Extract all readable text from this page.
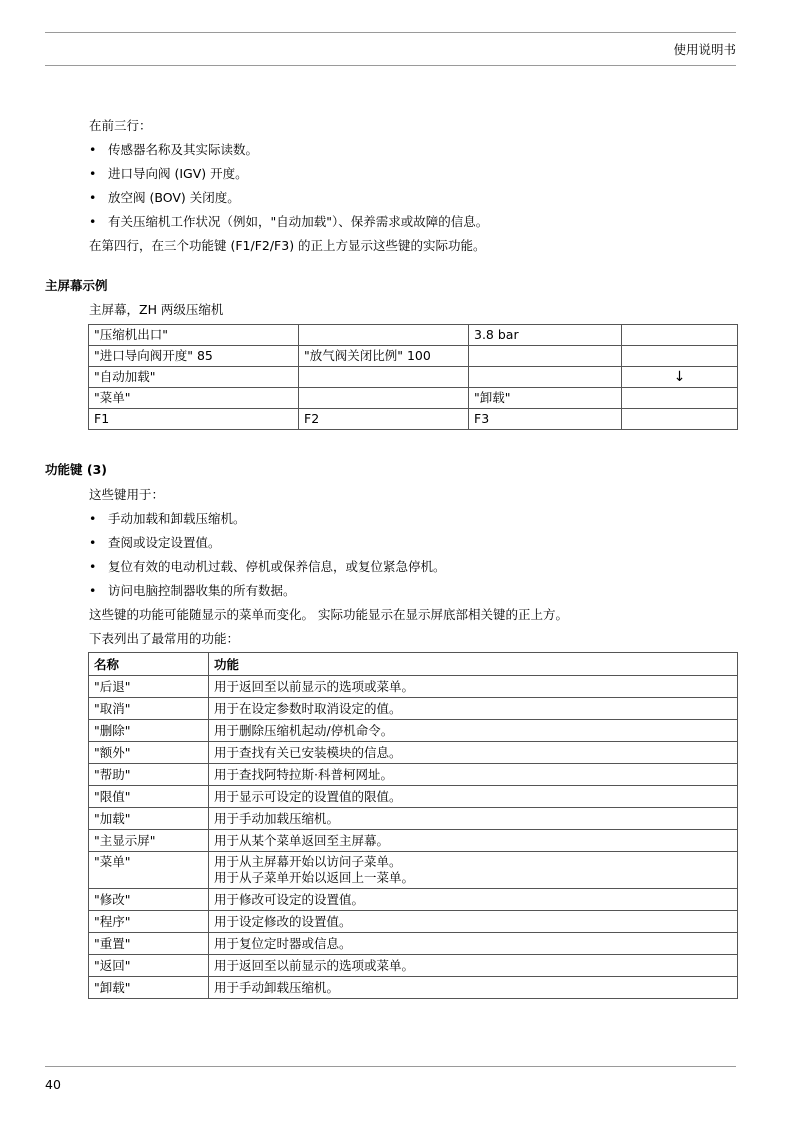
使用说明书
在前三行：
• 传感器名称及其实际读数。
• 进口导向阀 (IGV) 开度。
• 放空阀 (BOV) 关闭度。
• 有关压缩机工作状况（例如，"自动加载"）、保养需求或故障的信息。
在第四行，在三个功能键 (F1/F2/F3) 的正上方显示这些键的实际功能。
主屏幕示例
主屏幕，ZH 两级压缩机
"压缩机出口"		3.8 bar	
"进口导向阀开度" 85	"放气阀关闭比例" 100		
"自动加载"			↓
"菜单"		"卸载"	
F1	F2	F3	
功能键 (3)
这些键用于：
• 手动加载和卸载压缩机。
• 查阅或设定设置值。
• 复位有效的电动机过载、停机或保养信息，或复位紧急停机。
• 访问电脑控制器收集的所有数据。
这些键的功能可能随显示的菜单而变化。 实际功能显示在显示屏底部相关键的正上方。
下表列出了最常用的功能：
名称	功能
"后退"	用于返回至以前显示的选项或菜单。
"取消"	用于在设定参数时取消设定的值。
"删除"	用于删除压缩机起动/停机命令。
"额外"	用于查找有关已安装模块的信息。
"帮助"	用于查找阿特拉斯·科普柯网址。
"限值"	用于显示可设定的设置值的限值。
"加载"	用于手动加载压缩机。
"主显示屏"	用于从某个菜单返回至主屏幕。
"菜单"	用于从主屏幕开始以访问子菜单。
用于从子菜单开始以返回上一菜单。

"修改"	用于修改可设定的设置值。
"程序"	用于设定修改的设置值。
"重置"	用于复位定时器或信息。
"返回"	用于返回至以前显示的选项或菜单。
"卸载"	用于手动卸载压缩机。
40
